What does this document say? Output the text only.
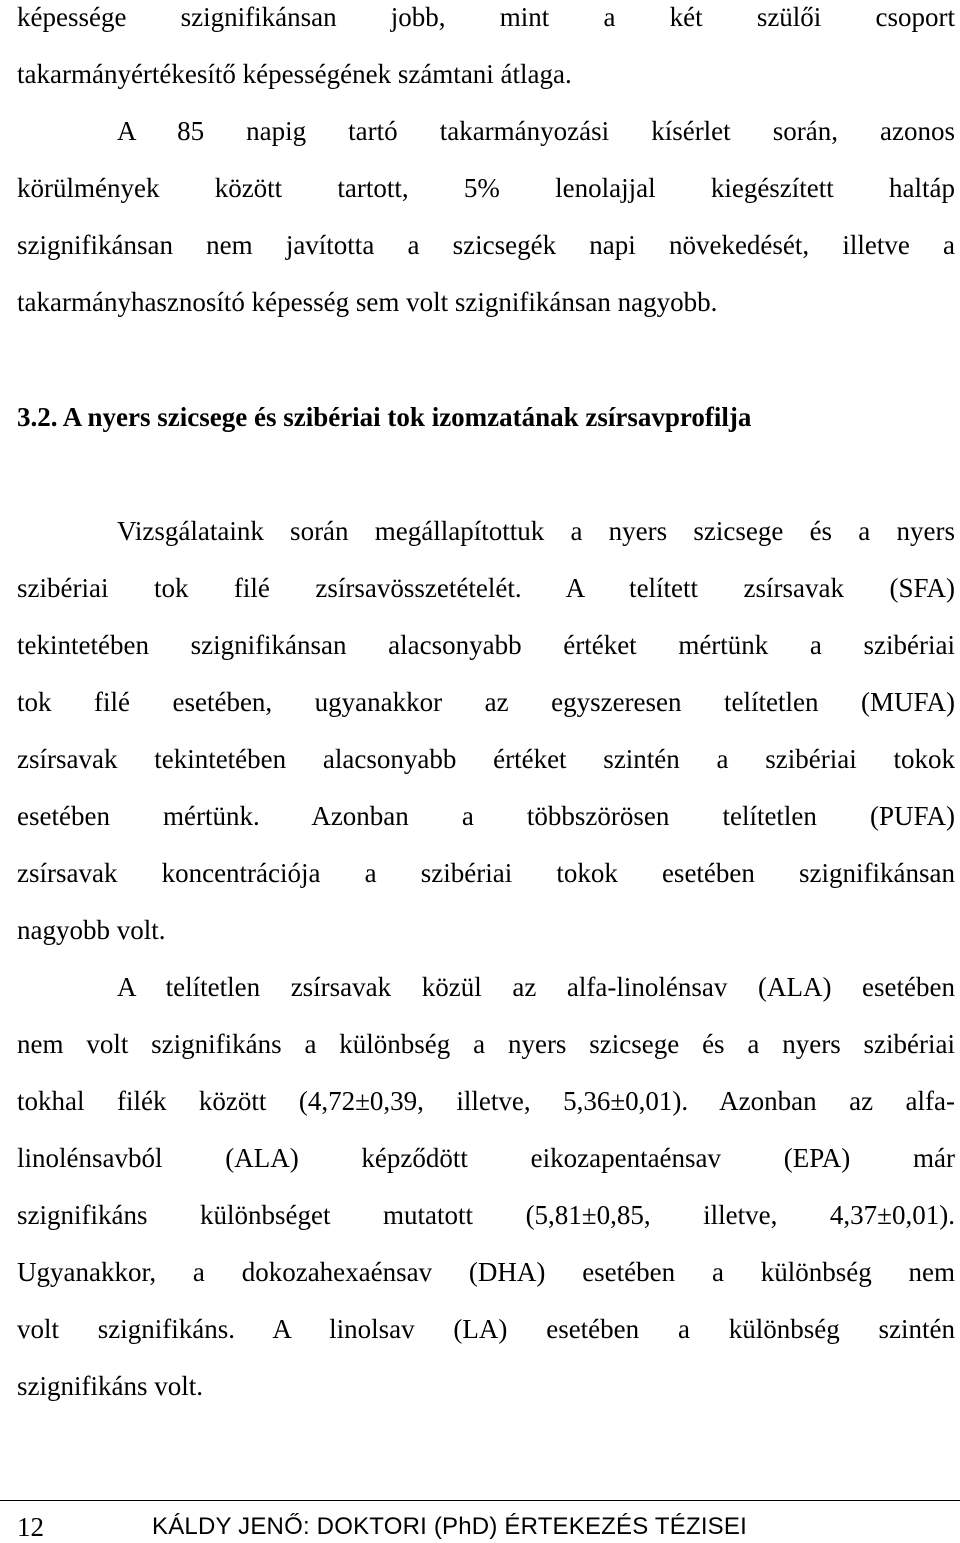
képessége szignifikánsan jobb, mint a két szülői csoport

takarmányértékesítő képességének számtani átlaga.

A 85 napig tartó takarmányozási kísérlet során, azonos

körülmények között tartott, 5% lenolajjal kiegészített haltáp

szignifikánsan nem javította a szicsegék napi növekedését, illetve a

takarmányhasznosító képesség sem volt szignifikánsan nagyobb.

3.2. A nyers szicsege és szibériai tok izomzatának zsírsavprofilja

Vizsgálataink során megállapítottuk a nyers szicsege és a nyers

szibériai tok filé zsírsavösszetételét. A telített zsírsavak (SFA)

tekintetében szignifikánsan alacsonyabb értéket mértünk a szibériai

tok filé esetében, ugyanakkor az egyszeresen telítetlen (MUFA)

zsírsavak tekintetében alacsonyabb értéket szintén a szibériai tokok

esetében mértünk. Azonban a többszörösen telítetlen (PUFA)

zsírsavak koncentrációja a szibériai tokok esetében szignifikánsan

nagyobb volt.

A telítetlen zsírsavak közül az alfa-linolénsav (ALA) esetében

nem volt szignifikáns a különbség a nyers szicsege és a nyers szibériai

tokhal filék között (4,72±0,39, illetve, 5,36±0,01). Azonban az alfa-

linolénsavból (ALA) képződött eikozapentaénsav (EPA) már

szignifikáns különbséget mutatott (5,81±0,85, illetve, 4,37±0,01).

Ugyanakkor, a dokozahexaénsav (DHA) esetében a különbség nem

volt szignifikáns. A linolsav (LA) esetében a különbség szintén

szignifikáns volt.

12	KÁLDY JENŐ: DOKTORI (PhD) ÉRTEKEZÉS TÉZISEI
